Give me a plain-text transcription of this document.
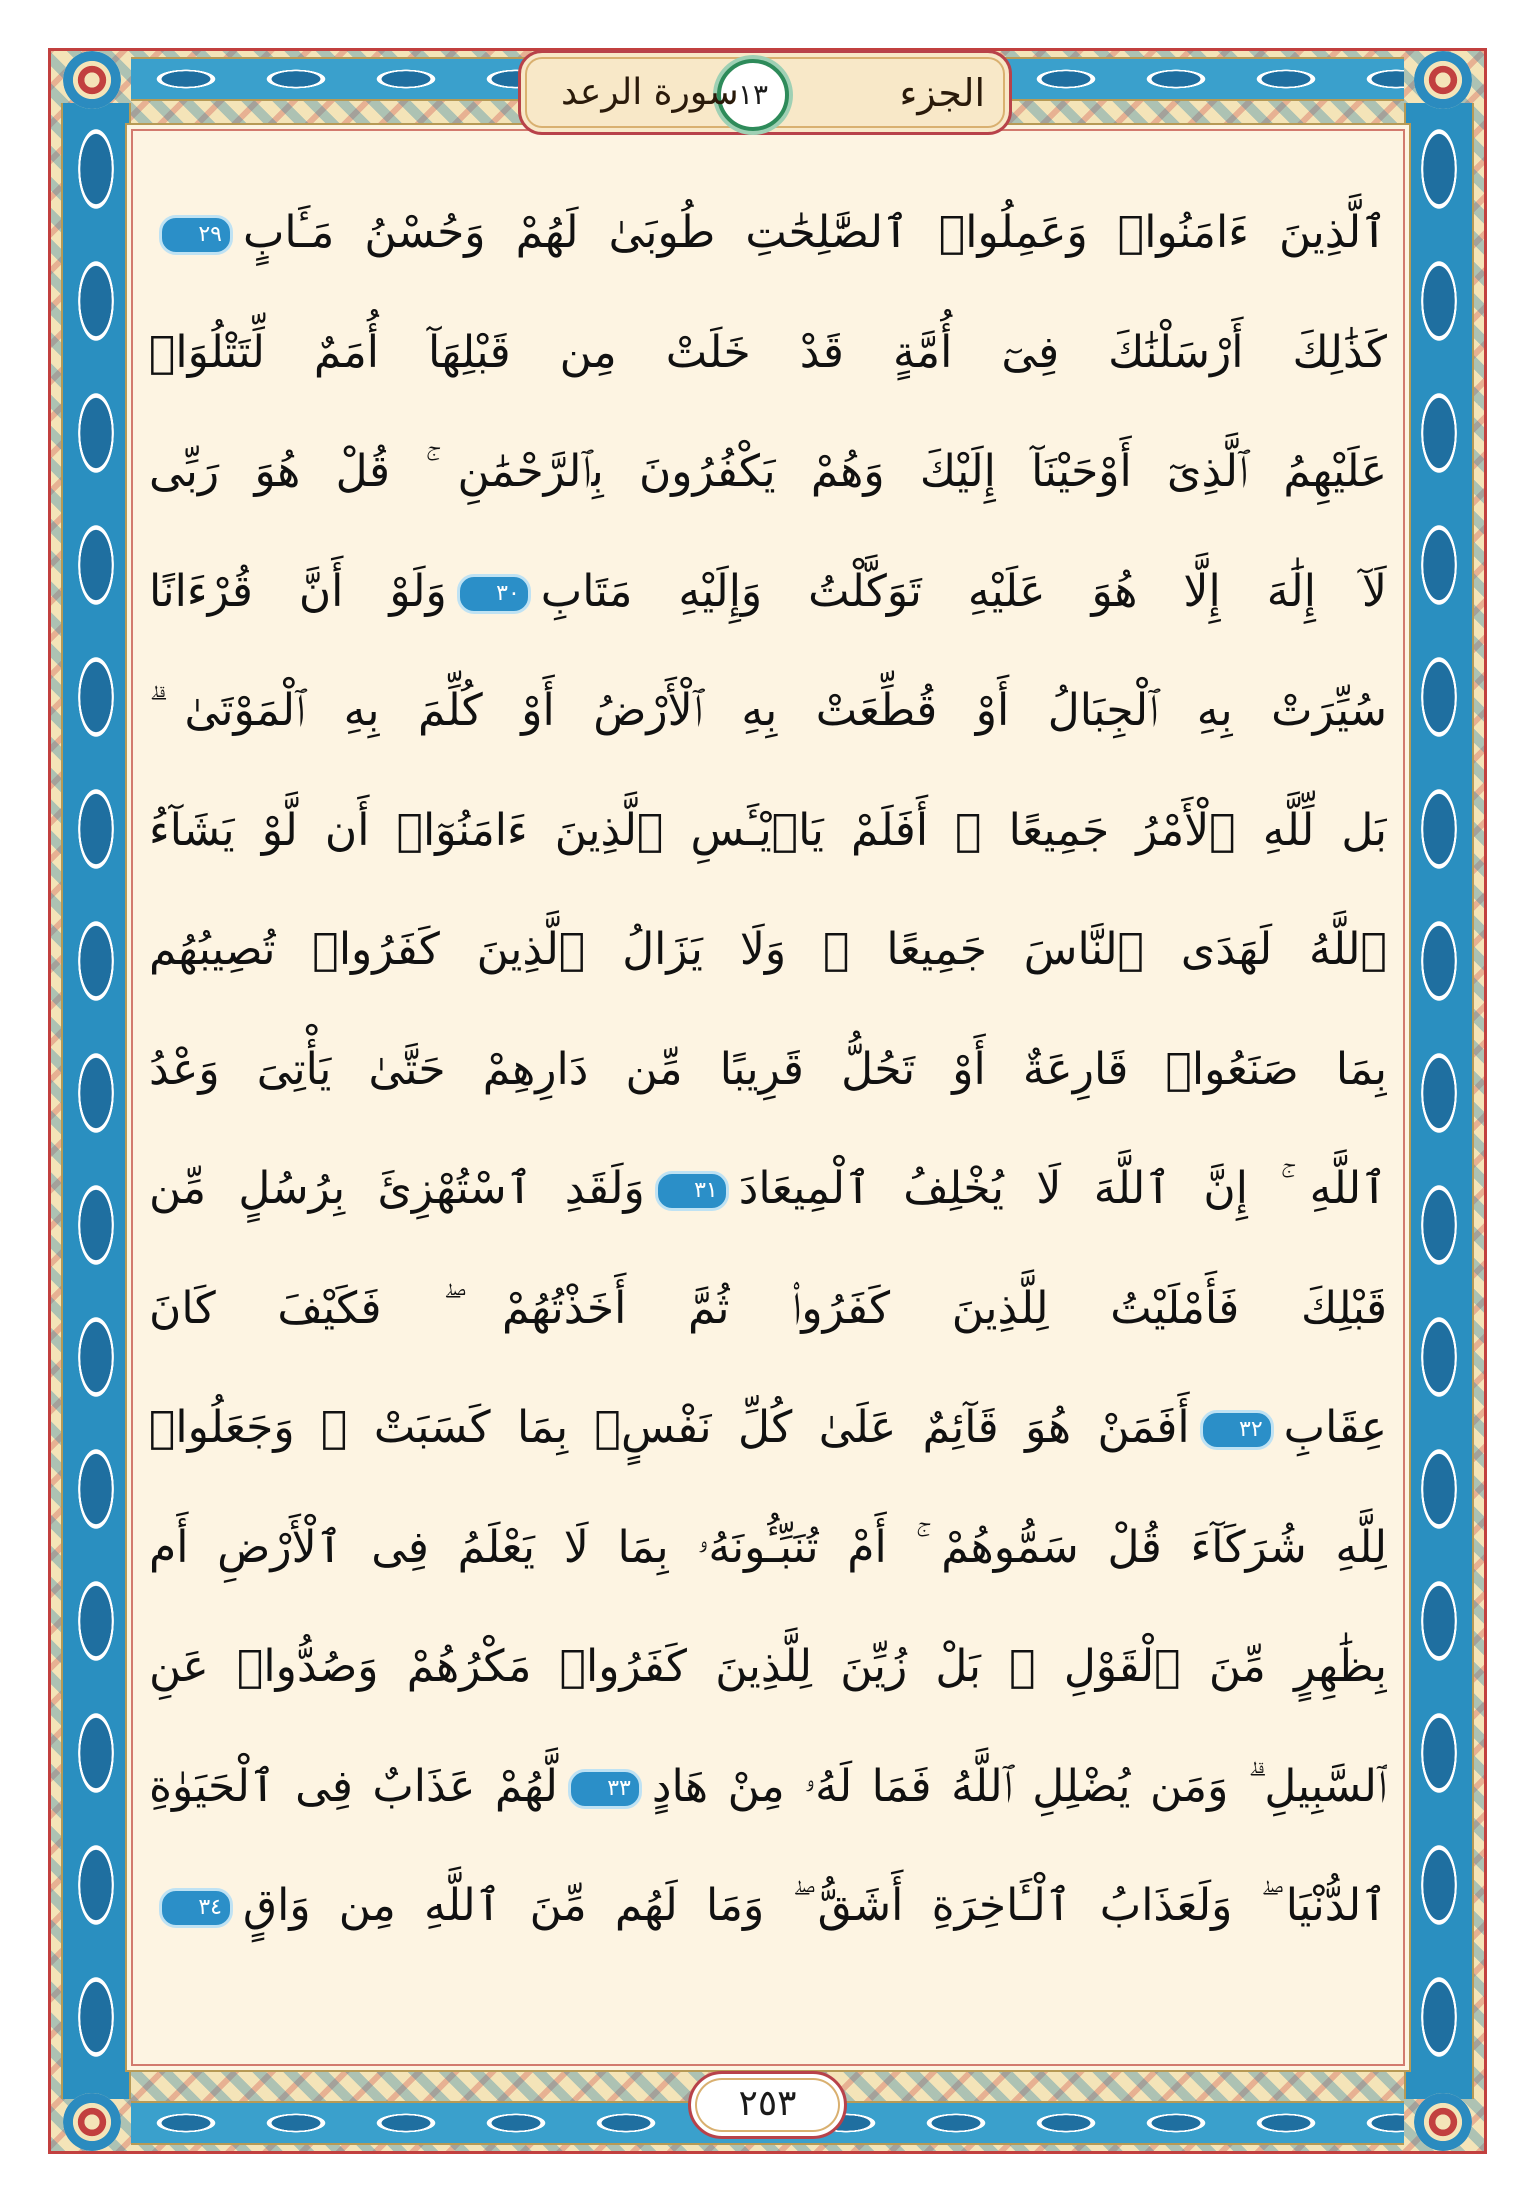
ٱلَّذِينَ ءَامَنُوا۟ وَعَمِلُوا۟ ٱلصَّٰلِحَٰتِ طُوبَىٰ لَهُمْ وَحُسْنُ مَـَٔابٍ٢٩
كَذَٰلِكَ أَرْسَلْنَٰكَ فِىٓ أُمَّةٍ قَدْ خَلَتْ مِن قَبْلِهَآ أُمَمٌ لِّتَتْلُوَا۟
عَلَيْهِمُ ٱلَّذِىٓ أَوْحَيْنَآ إِلَيْكَ وَهُمْ يَكْفُرُونَ بِٱلرَّحْمَٰنِ ۚ قُلْ هُوَ رَبِّى
لَآ إِلَٰهَ إِلَّا هُوَ عَلَيْهِ تَوَكَّلْتُ وَإِلَيْهِ مَتَابِ٣٠وَلَوْ أَنَّ قُرْءَانًا
سُيِّرَتْ بِهِ ٱلْجِبَالُ أَوْ قُطِّعَتْ بِهِ ٱلْأَرْضُ أَوْ كُلِّمَ بِهِ ٱلْمَوْتَىٰ ۗ
بَل لِّلَّهِ ٱلْأَمْرُ جَمِيعًا ۗ أَفَلَمْ يَا۟يْـَٔسِ ٱلَّذِينَ ءَامَنُوٓا۟ أَن لَّوْ يَشَآءُ
ٱللَّهُ لَهَدَى ٱلنَّاسَ جَمِيعًا ۗ وَلَا يَزَالُ ٱلَّذِينَ كَفَرُوا۟ تُصِيبُهُم
بِمَا صَنَعُوا۟ قَارِعَةٌ أَوْ تَحُلُّ قَرِيبًا مِّن دَارِهِمْ حَتَّىٰ يَأْتِىَ وَعْدُ
ٱللَّهِ ۚ إِنَّ ٱللَّهَ لَا يُخْلِفُ ٱلْمِيعَادَ٣١وَلَقَدِ ٱسْتُهْزِئَ بِرُسُلٍ مِّن
قَبْلِكَ فَأَمْلَيْتُ لِلَّذِينَ كَفَرُوا۟ ثُمَّ أَخَذْتُهُمْ ۖ فَكَيْفَ كَانَ
عِقَابِ٣٢أَفَمَنْ هُوَ قَآئِمٌ عَلَىٰ كُلِّ نَفْسٍۭ بِمَا كَسَبَتْ ۗ وَجَعَلُوا۟
لِلَّهِ شُرَكَآءَ قُلْ سَمُّوهُمْ ۚ أَمْ تُنَبِّـُٔونَهُۥ بِمَا لَا يَعْلَمُ فِى ٱلْأَرْضِ أَم
بِظَٰهِرٍ مِّنَ ٱلْقَوْلِ ۗ بَلْ زُيِّنَ لِلَّذِينَ كَفَرُوا۟ مَكْرُهُمْ وَصُدُّوا۟ عَنِ
ٱلسَّبِيلِ ۗ وَمَن يُضْلِلِ ٱللَّهُ فَمَا لَهُۥ مِنْ هَادٍ٣٣لَّهُمْ عَذَابٌ فِى ٱلْحَيَوٰةِ
ٱلدُّنْيَا ۖ وَلَعَذَابُ ٱلْـَٔاخِرَةِ أَشَقُّ ۖ وَمَا لَهُم مِّنَ ٱللَّهِ مِن وَاقٍ٣٤
الجزء
١٣
سورة الرعد
٢٥٣
